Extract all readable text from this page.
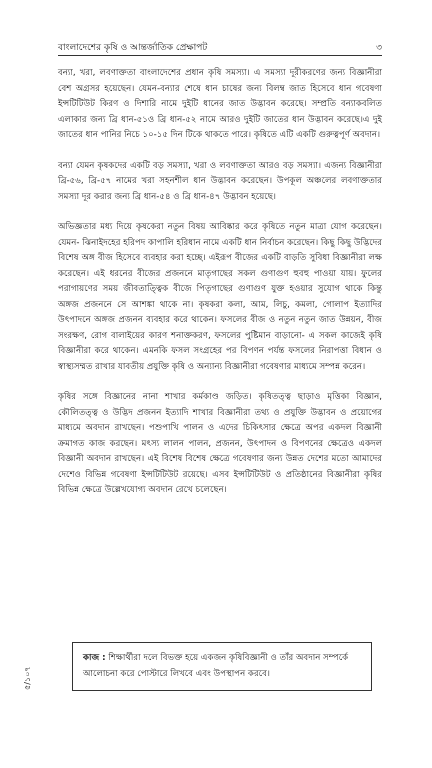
বাংলাদেশের কৃষি ও আন্তর্জাতিক প্রেক্ষাপট	৩

বন্যা, খরা, লবণাক্ততা বাংলাদেশের প্রধান কৃষি সমস্যা। এ সমস্যা দূরীকরণের জন্য বিজ্ঞানীরা বেশ অগ্রসর হয়েছেন। যেমন-বন্যার শেষে ধান চাষের জন্য বিলম্ব জাত হিসেবে ধান গবেষণা ইন্সটিটিউট কিরণ ও দিশারি নামে দুইটি ধানের জাত উদ্ভাবন করেছে। সম্প্রতি বন্যাকবলিত এলাকার জন্য ব্রি ধান-৫১ও ব্রি ধান-৫২ নামে আরও দুইটি জাতের ধান উদ্ভাবন করেছে।এ দুই জাতের ধান পানির নিচে ১০-১৫ দিন টিকে থাকতে পারে। কৃষিতে এটি একটি গুরুত্বপূর্ণ অবদান।

বন্যা যেমন কৃষকদের একটি বড় সমস্যা, খরা ও লবণাক্ততা আরও বড় সমস্যা। এজন্য বিজ্ঞানীরা ব্রি-৫৬, ব্রি-৫৭ নামের খরা সহনশীল ধান উদ্ভাবন করেছেন। উপকূল অঞ্চলের লবণাক্ততার সমস্যা দূর করার জন্য ব্রি ধান-৫৪ ও ব্রি ধান-৪৭ উদ্ভাবন হয়েছে।

অভিজ্ঞতার মধ্য দিয়ে কৃষকেরা নতুন বিষয় আবিষ্কার করে কৃষিতে নতুন মাত্রা যোগ করেছেন। যেমন- ঝিনাইদহের হরিপদ কাপালি হরিধান নামে একটি ধান নির্বাচন করেছেন। কিছু কিছু উদ্ভিদের বিশেষ অঙ্গ বীজ হিসেবে ব্যবহার করা হচ্ছে। এইরূপ বীজের একটি বাড়তি সুবিধা বিজ্ঞানীরা লক্ষ করেছেন। এই ধরনের বীজের প্রজননে মাতৃগাছের সকল গুণাগুণ হুবহু পাওয়া যায়। ফুলের পরাগায়ণের সময় জীবতাত্ত্বিক বীজে পিতৃগাছের গুণাগুণ যুক্ত হওয়ার সুযোগ থাকে কিন্তু অঙ্গজ প্রজননে সে আশঙ্কা থাকে না। কৃষকরা কলা, আম, লিচু, কমলা, গোলাপ ইত্যাদির উৎপাদনে অঙ্গজ প্রজনন ব্যবহার করে থাকেন। ফসলের বীজ ও নতুন নতুন জাত উন্নয়ন, বীজ সংরক্ষণ, রোগ বালাইয়ের কারণ শনাক্তকরণ, ফসলের পুষ্টিমান বাড়ানো- এ সকল কাজেই কৃষি বিজ্ঞানীরা করে থাকেন। এমনকি ফসল সংগ্রহের পর বিপণন পর্যন্ত ফসলের নিরাপত্তা বিধান ও স্বাস্থ্যসম্মত রাখার যাবতীয় প্রযুক্তি কৃষি ও অন্যান্য বিজ্ঞানীরা গবেষণার মাধ্যমে সম্পন্ন করেন।

কৃষির সঙ্গে বিজ্ঞানের নানা শাখার কর্মকাণ্ড জড়িত। কৃষিতত্ত্ব ছাড়াও মৃত্তিকা বিজ্ঞান, কৌলিতত্ত্ব ও উদ্ভিদ প্রজনন ইত্যাদি শাখার বিজ্ঞানীরা তথ্য ও প্রযুক্তি উদ্ভাবন ও প্রয়োগের মাধ্যমে অবদান রাখছেন। পশুপাখি পালন ও এদের চিকিৎসার ক্ষেত্রে অপর একদল বিজ্ঞানী ক্রমাগত কাজ করছেন। মৎস্য লালন পালন, প্রজনন, উৎপাদন ও বিপণনের ক্ষেত্রেও একদল বিজ্ঞানী অবদান রাখছেন। এই বিশেষ বিশেষ ক্ষেত্রে গবেষণার জন্য উন্নত দেশের মতো আমাদের দেশেও বিভিন্ন গবেষণা ইন্সটিটিউট রয়েছে। এসব ইন্সটিটিউট ও প্রতিষ্ঠানের বিজ্ঞানীরা কৃষির বিভিন্ন ক্ষেত্রে উল্লেখযোগ্য অবদান রেখে চলেছেন।

কাজ : শিক্ষার্থীরা দলে বিভক্ত হয়ে একজন কৃষিবিজ্ঞানী ও তাঁর অবদান সম্পর্কে আলোচনা করে পোস্টারে লিখবে এবং উপস্থাপন করবে।
৫/১০৭
